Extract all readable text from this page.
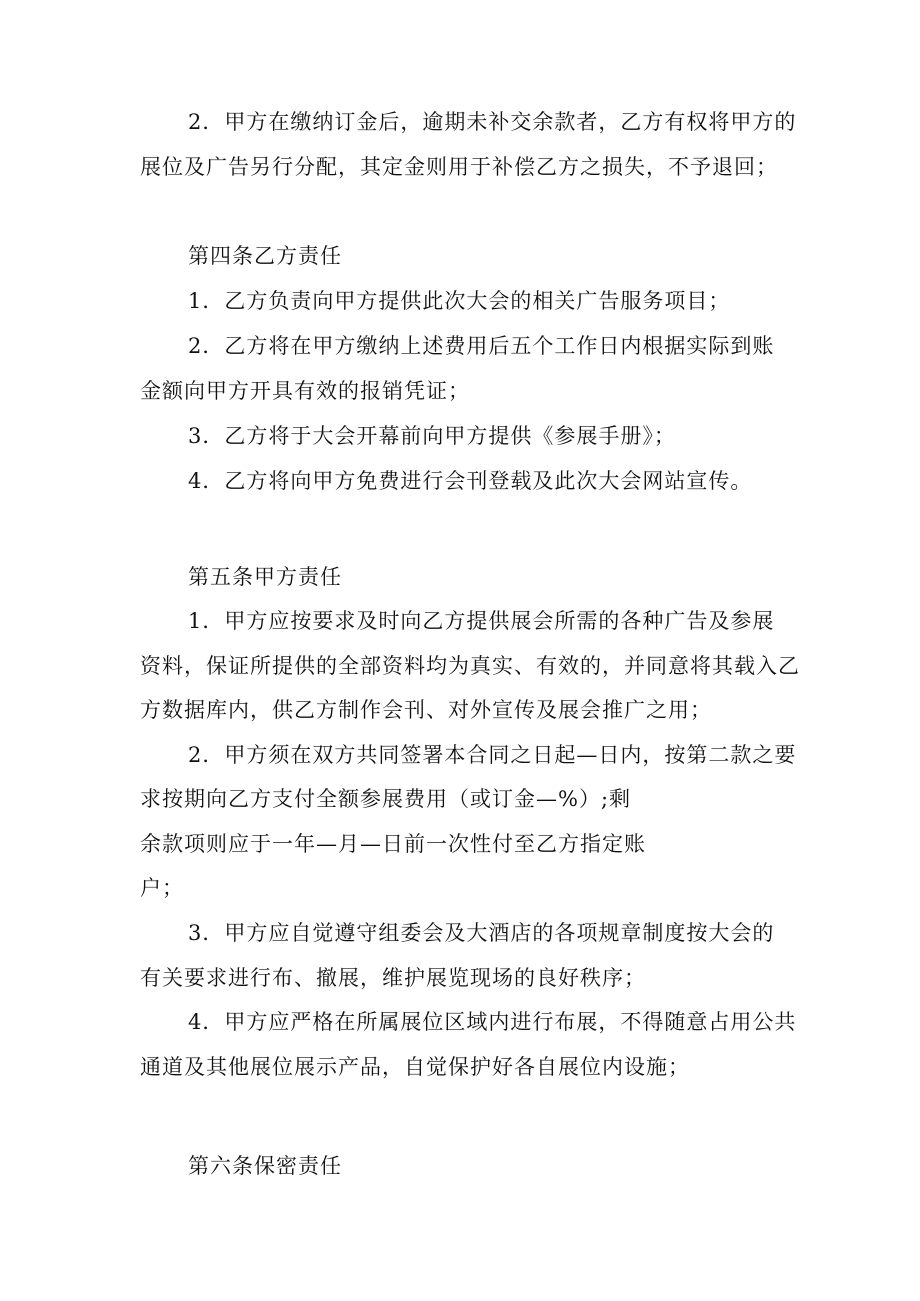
2．甲方在缴纳订金后，逾期未补交余款者，乙方有权将甲方的
展位及广告另行分配，其定金则用于补偿乙方之损失，不予退回；
第四条乙方责任
1．乙方负责向甲方提供此次大会的相关广告服务项目；
2．乙方将在甲方缴纳上述费用后五个工作日内根据实际到账
金额向甲方开具有效的报销凭证；
3．乙方将于大会开幕前向甲方提供《参展手册》；
4．乙方将向甲方免费进行会刊登载及此次大会网站宣传。
第五条甲方责任
1．甲方应按要求及时向乙方提供展会所需的各种广告及参展
资料，保证所提供的全部资料均为真实、有效的，并同意将其载入乙
方数据库内，供乙方制作会刊、对外宣传及展会推广之用；
2．甲方须在双方共同签署本合同之日起—日内，按第二款之要
求按期向乙方支付全额参展费用（或订金—%）;剩
余款项则应于一年—月—日前一次性付至乙方指定账
户；
3．甲方应自觉遵守组委会及大酒店的各项规章制度按大会的
有关要求进行布、撤展，维护展览现场的良好秩序；
4．甲方应严格在所属展位区域内进行布展，不得随意占用公共
通道及其他展位展示产品，自觉保护好各自展位内设施；
第六条保密责任
